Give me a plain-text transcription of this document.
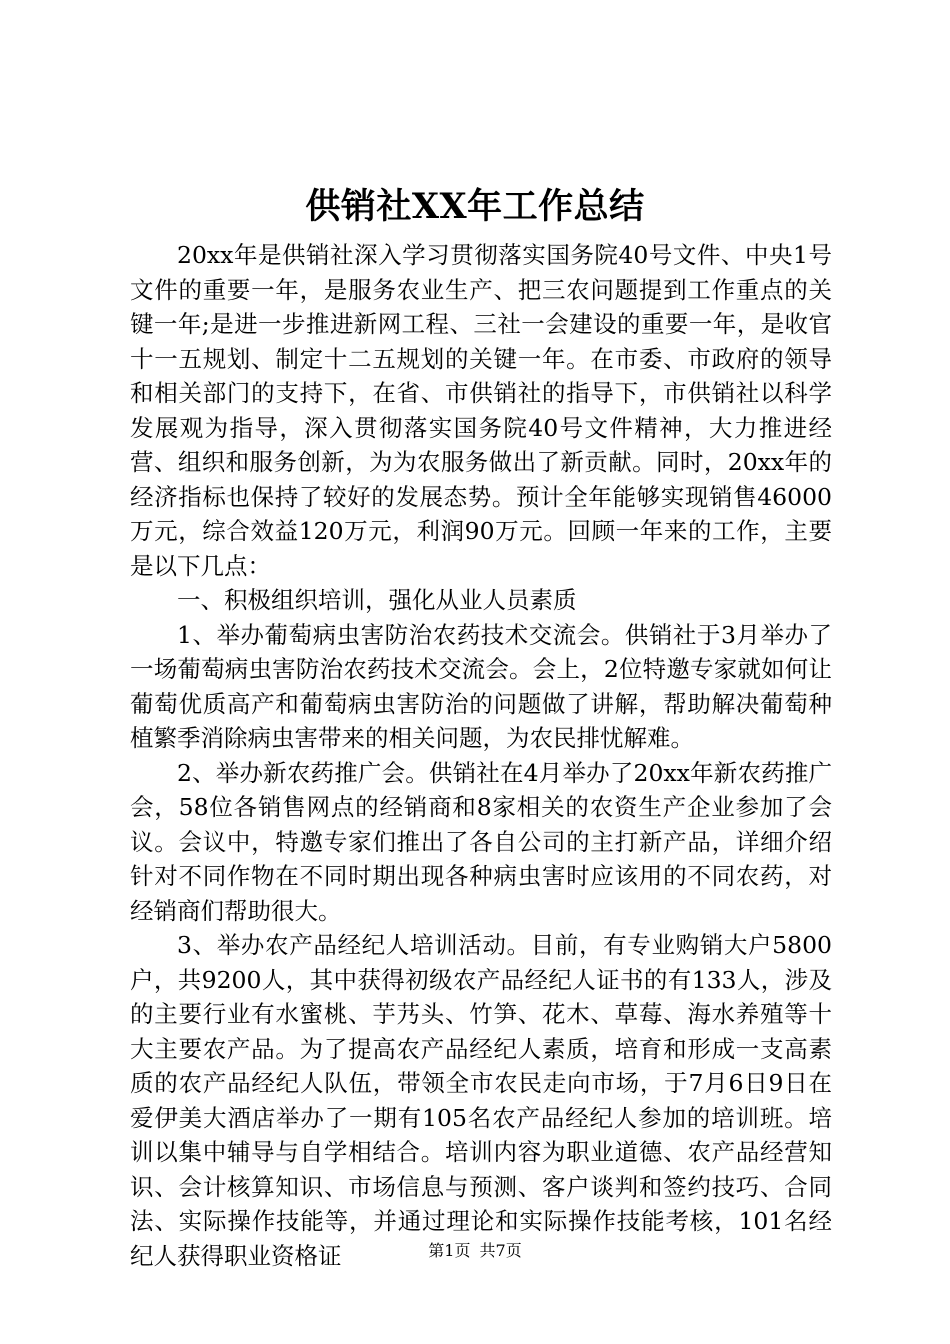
供销社XX年工作总结

20xx年是供销社深入学习贯彻落实国务院40号文件、中央1号文件的重要一年，是服务农业生产、把三农问题提到工作重点的关键一年;是进一步推进新网工程、三社一会建设的重要一年，是收官十一五规划、制定十二五规划的关键一年。在市委、市政府的领导和相关部门的支持下，在省、市供销社的指导下，市供销社以科学发展观为指导，深入贯彻落实国务院40号文件精神，大力推进经营、组织和服务创新，为为农服务做出了新贡献。同时，20xx年的经济指标也保持了较好的发展态势。预计全年能够实现销售46000万元，综合效益120万元，利润90万元。回顾一年来的工作，主要是以下几点：

一、积极组织培训，强化从业人员素质

1、举办葡萄病虫害防治农药技术交流会。供销社于3月举办了一场葡萄病虫害防治农药技术交流会。会上，2位特邀专家就如何让葡萄优质高产和葡萄病虫害防治的问题做了讲解，帮助解决葡萄种植繁季消除病虫害带来的相关问题，为农民排忧解难。

2、举办新农药推广会。供销社在4月举办了20xx年新农药推广会，58位各销售网点的经销商和8家相关的农资生产企业参加了会议。会议中，特邀专家们推出了各自公司的主打新产品，详细介绍针对不同作物在不同时期出现各种病虫害时应该用的不同农药，对经销商们帮助很大。

3、举办农产品经纪人培训活动。目前，有专业购销大户5800户，共9200人，其中获得初级农产品经纪人证书的有133人，涉及的主要行业有水蜜桃、芋艿头、竹笋、花木、草莓、海水养殖等十大主要农产品。为了提高农产品经纪人素质，培育和形成一支高素质的农产品经纪人队伍，带领全市农民走向市场，于7月6日9日在爱伊美大酒店举办了一期有105名农产品经纪人参加的培训班。培训以集中辅导与自学相结合。培训内容为职业道德、农产品经营知识、会计核算知识、市场信息与预测、客户谈判和签约技巧、合同法、实际操作技能等，并通过理论和实际操作技能考核，101名经纪人获得职业资格证	第1页 共7页
